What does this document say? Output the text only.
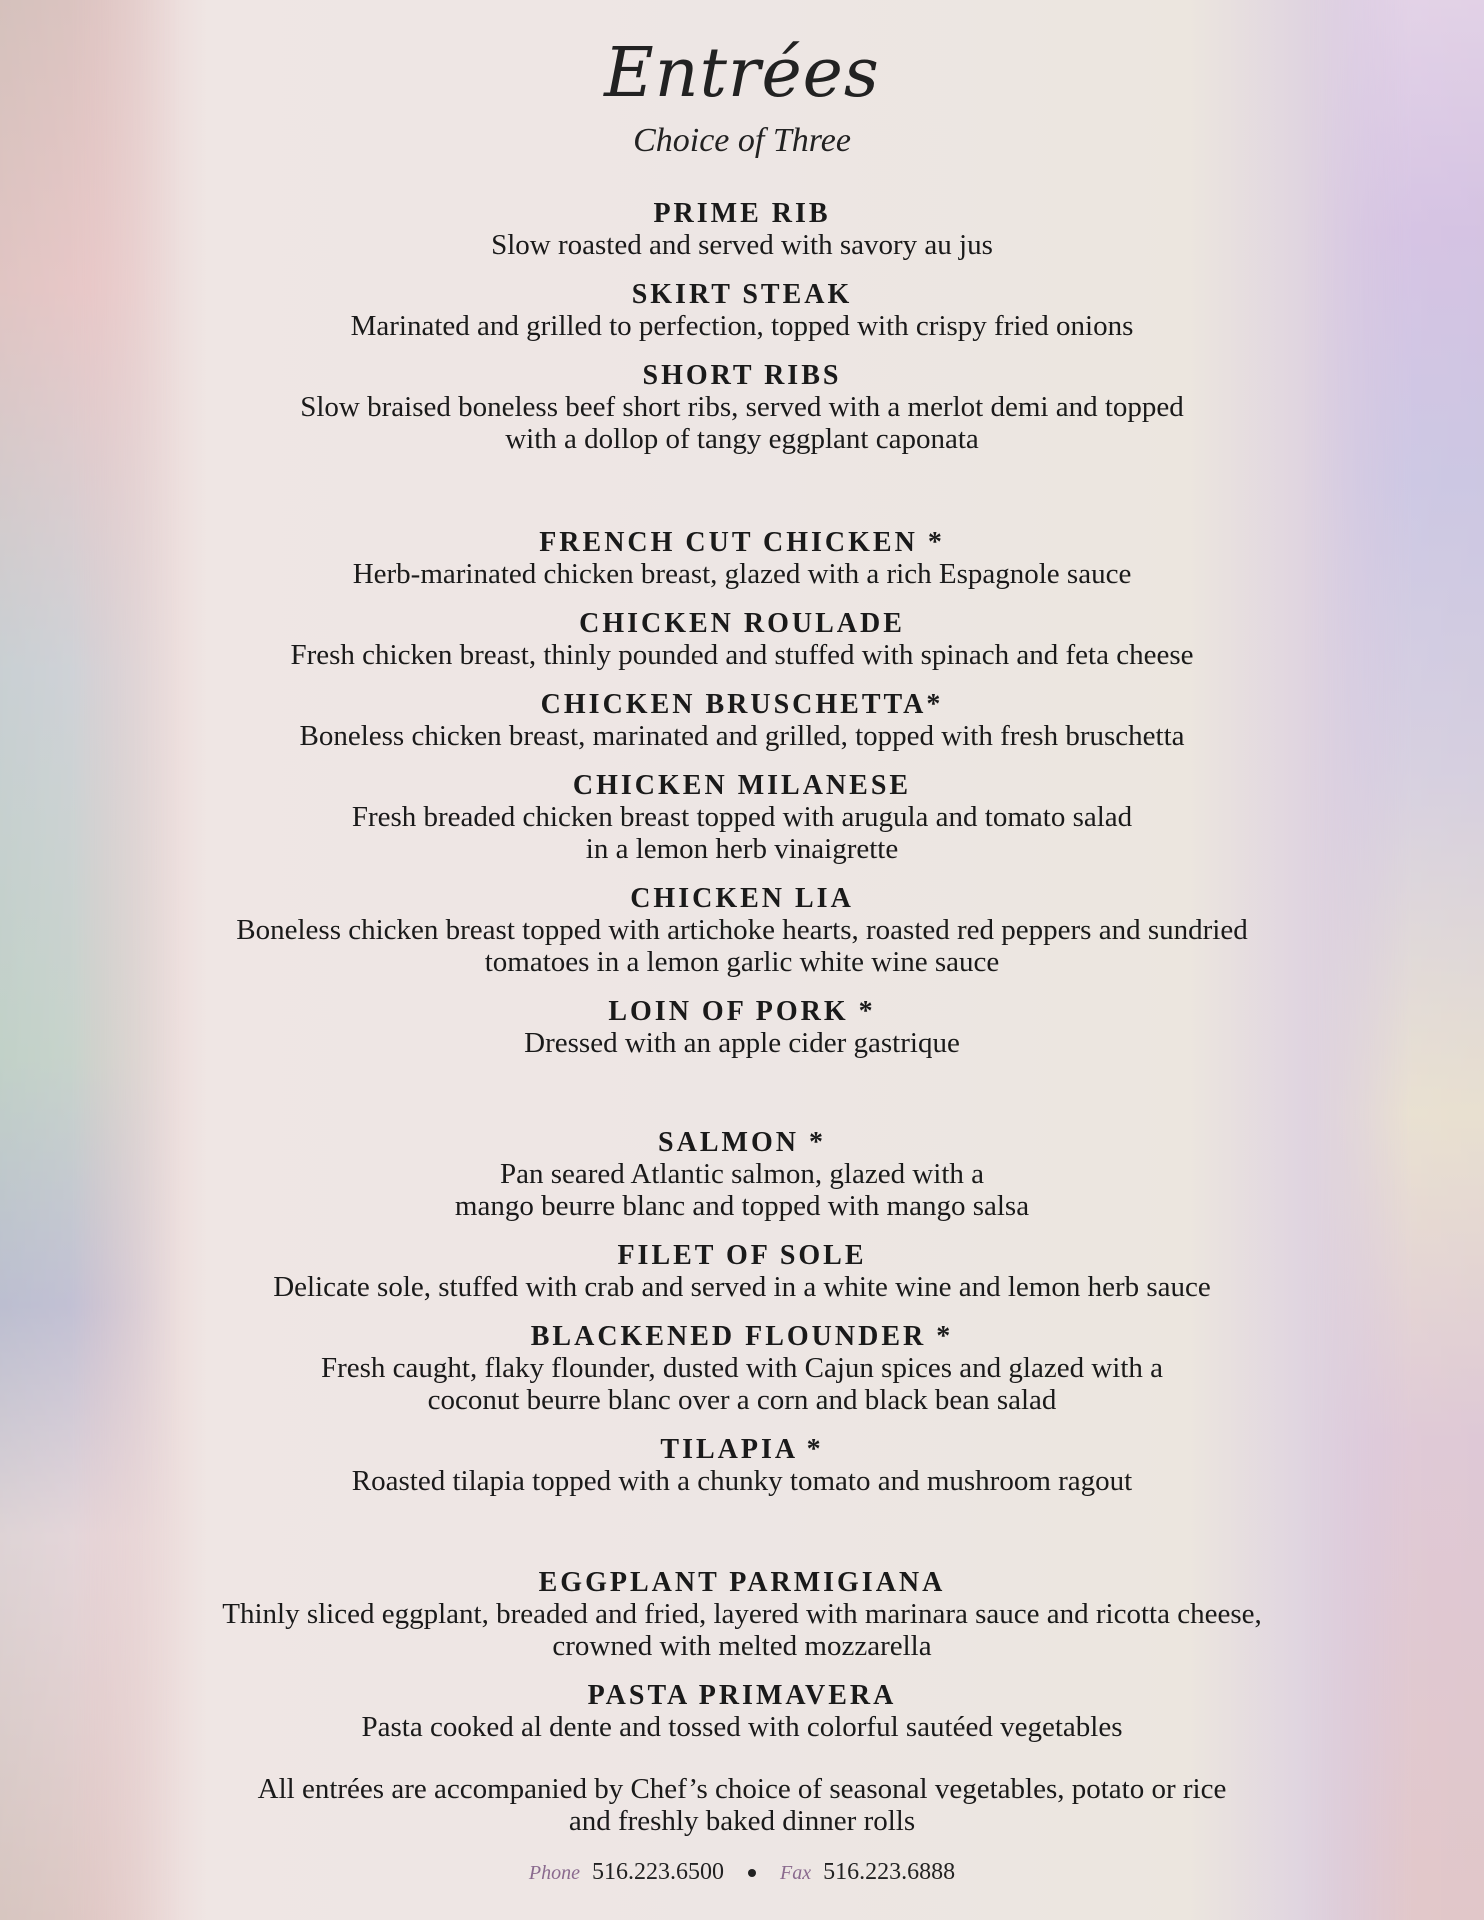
Entrées
Choice of Three
PRIME RIB
Slow roasted and served with savory au jus
SKIRT STEAK
Marinated and grilled to perfection, topped with crispy fried onions
SHORT RIBS
Slow braised boneless beef short ribs, served with a merlot demi and topped
with a dollop of tangy eggplant caponata
FRENCH CUT CHICKEN *
Herb-marinated chicken breast, glazed with a rich Espagnole sauce
CHICKEN ROULADE
Fresh chicken breast, thinly pounded and stuffed with spinach and feta cheese
CHICKEN BRUSCHETTA*
Boneless chicken breast, marinated and grilled, topped with fresh bruschetta
CHICKEN MILANESE
Fresh breaded chicken breast topped with arugula and tomato salad
in a lemon herb vinaigrette
CHICKEN LIA
Boneless chicken breast topped with artichoke hearts, roasted red peppers and sundried
tomatoes in a lemon garlic white wine sauce
LOIN OF PORK *
Dressed with an apple cider gastrique
SALMON *
Pan seared Atlantic salmon, glazed with a
mango beurre blanc and topped with mango salsa
FILET OF SOLE
Delicate sole, stuffed with crab and served in a white wine and lemon herb sauce
BLACKENED FLOUNDER *
Fresh caught, flaky flounder, dusted with Cajun spices and glazed with a
coconut beurre blanc over a corn and black bean salad
TILAPIA *
Roasted tilapia topped with a chunky tomato and mushroom ragout
EGGPLANT PARMIGIANA
Thinly sliced eggplant, breaded and fried, layered with marinara sauce and ricotta cheese,
crowned with melted mozzarella
PASTA PRIMAVERA
Pasta cooked al dente and tossed with colorful sautéed vegetables
All entrées are accompanied by Chef’s choice of seasonal vegetables, potato or rice
and freshly baked dinner rolls
Phone 516.223.6500	Fax 516.223.6888
